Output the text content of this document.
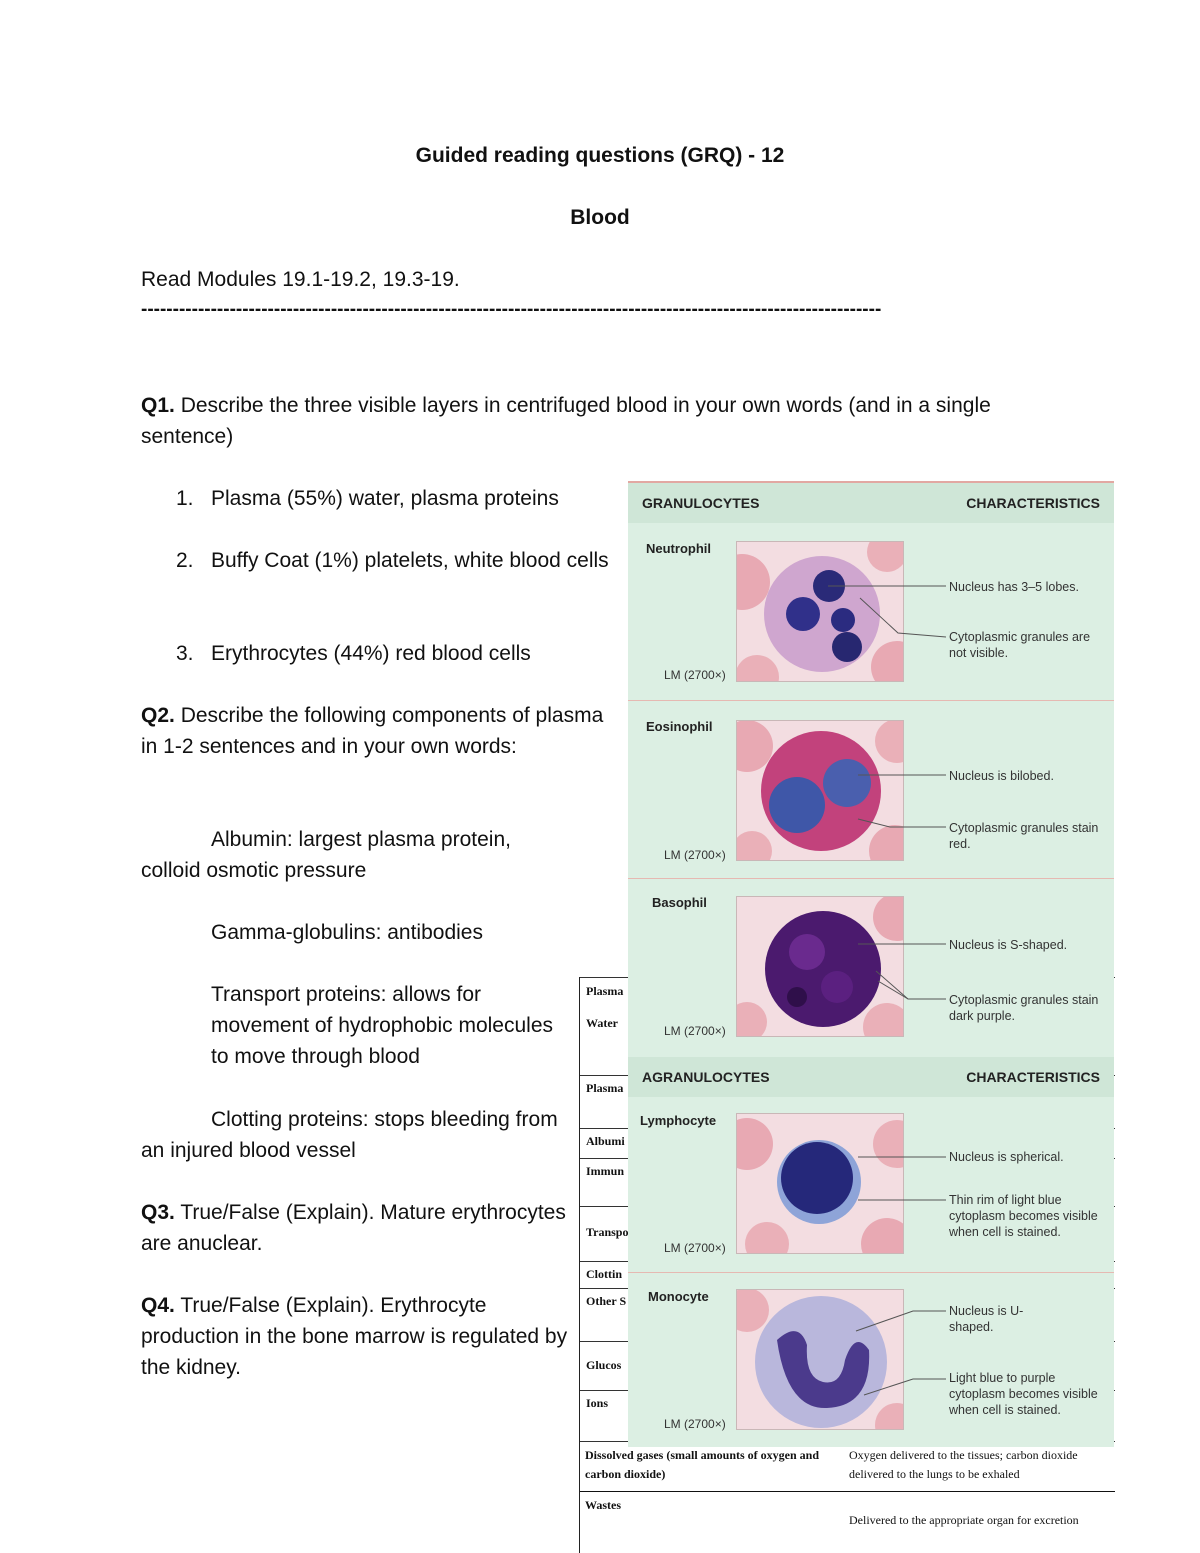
Guided reading questions (GRQ) - 12
Blood
Read Modules 19.1-19.2, 19.3-19.
---------------------------------------------------------------------------------------------------------------------
Q1. Describe the three visible layers in centrifuged blood in your own words (and in a single sentence)
1. Plasma (55%) water, plasma proteins
2. Buffy Coat (1%) platelets, white blood cells
3. Erythrocytes (44%) red blood cells
Plasma
Water
Plasma
Albumi
Immun
Transpo
Clottin
Other S
Glucos
Ions
Dissolved gases (small amounts of oxygen and carbon dioxide)
Oxygen delivered to the tissues; carbon dioxide delivered to the lungs to be exhaled
Wastes
Delivered to the appropriate organ for excretion
GRANULOCYTES	CHARACTERISTICS
Neutrophil
LM (2700×)
Nucleus has 3–5 lobes.
Cytoplasmic granules are not visible.
Eosinophil
LM (2700×)
Nucleus is bilobed.
Cytoplasmic granules stain red.
Basophil
LM (2700×)
Nucleus is S-shaped.
Cytoplasmic granules stain dark purple.
AGRANULOCYTES	CHARACTERISTICS
Lymphocyte
LM (2700×)
Nucleus is spherical.
Thin rim of light blue cytoplasm becomes visible when cell is stained.
Monocyte
LM (2700×)
Nucleus is U-shaped.
Light blue to purple cytoplasm becomes visible when cell is stained.
Q2. Describe the following components of plasma in 1-2 sentences and in your own words:
Albumin: largest plasma protein, colloid osmotic pressure
Gamma-globulins: antibodies
Transport proteins: allows for movement of hydrophobic molecules to move through blood
Clotting proteins: stops bleeding from an injured blood vessel
Q3. True/False (Explain). Mature erythrocytes are anuclear.
Q4. True/False (Explain). Erythrocyte production in the bone marrow is regulated by the kidney.
